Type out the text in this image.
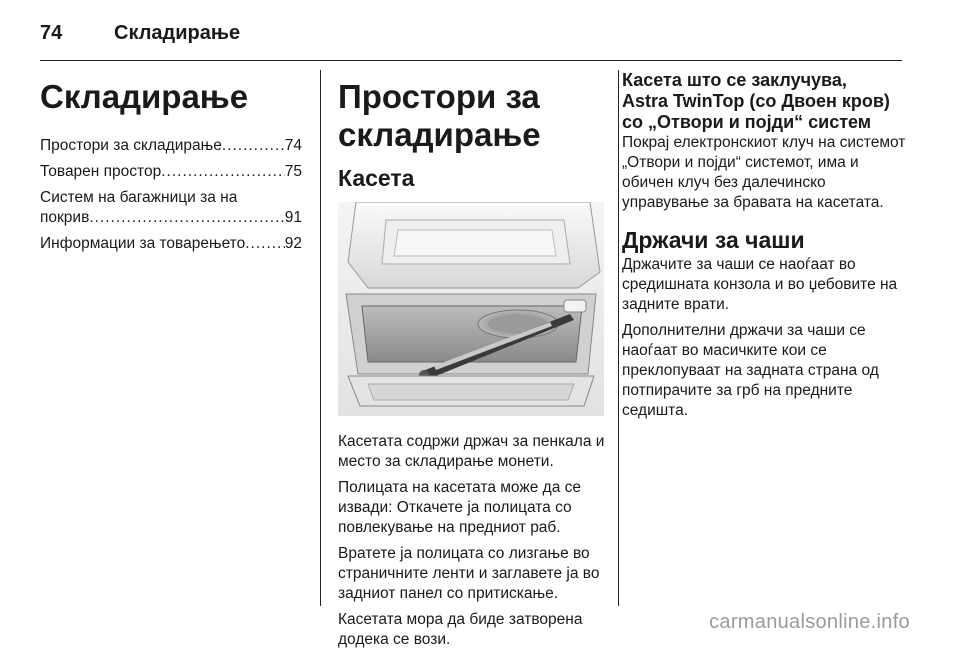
74	Складирање
Складирање
Простори за складирање .....	74
Товарен простор .....	75
Систем на багажници за на
покрив .....	91
Информации за товарењето .....	92
Простори за
складирање
Касета

Касетата содржи држач за пенкала и место за складирање монети.

Полицата на касетата може да се извади: Откачете ја полицата со повлекување на предниот раб.

Вратете ја полицата со лизгање во страничните ленти и заглавете ја во задниот панел со притискање.

Касетата мора да биде затворена додека се вози.

Касета што се заклучува,
Astra TwinTop (со Двоен кров)
со „Отвори и појди“ систем

Покрај електронскиот клуч на системот „Отвори и појди“ системот, има и обичен клуч без далечинско управување за бравата на касетата.

Држачи за чаши

Држачите за чаши се наоѓаат во средишната конзола и во џебовите на задните врати.

Дополнителни држачи за чаши се наоѓаат во масичките кои се преклопуваат на задната страна од потпирачите за грб на предните седишта.

carmanualsonline.info
